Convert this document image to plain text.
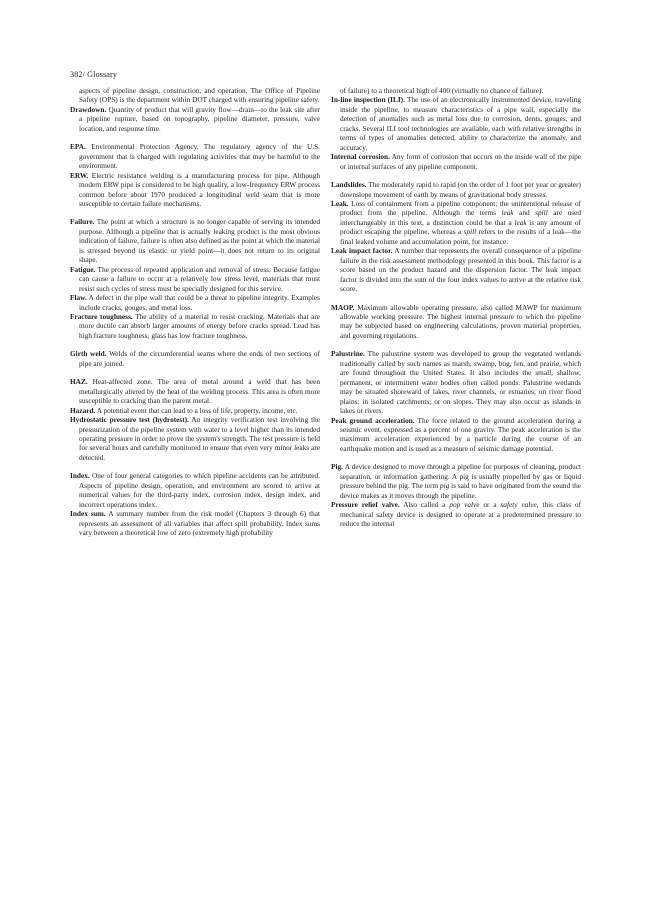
382/ Glossary

aspects of pipeline design, construction, and operation. The Office of Pipeline Safety (OPS) is the department within DOT charged with ensuring pipeline safety.

Drawdown. Quantity of product that will gravity flow—drain—to the leak site after a pipeline rupture, based on topography, pipeline diameter, pressure, valve location, and response time.

EPA. Environmental Protection Agency. The regulatory agency of the U.S. government that is charged with regulating activities that may be harmful to the environment.

ERW. Electric resistance welding is a manufacturing process for pipe. Although modern ERW pipe is considered to be high quality, a low-frequency ERW process common before about 1970 produced a longitudinal weld seam that is more susceptible to certain failure mechanisms.

Failure. The point at which a structure is no longer capable of serving its intended purpose. Although a pipeline that is actually leaking product is the most obvious indication of failure, failure is often also defined as the point at which the material is stressed beyond its elastic or yield point—it does not return to its original shape.

Fatigue. The process of repeated application and removal of stress. Because fatigue can cause a failure to occur at a relatively low stress level, materials that must resist such cycles of stress must be specially designed for this service.

Flaw. A defect in the pipe wall that could be a threat to pipeline integrity. Examples include cracks, gouges, and metal loss.

Fracture toughness. The ability of a material to resist cracking. Materials that are more ductile can absorb larger amounts of energy before cracks spread. Lead has high fracture toughness; glass has low fracture toughness.

Girth weld. Welds of the circumferential seams where the ends of two sections of pipe are joined.

HAZ. Heat-affected zone. The area of metal around a weld that has been metallurgically altered by the heat of the welding process. This area is often more susceptible to cracking than the parent metal.

Hazard. A potential event that can lead to a loss of life, property, income, etc.

Hydrostatic pressure test (hydrotest). An integrity verification test involving the pressurization of the pipeline system with water to a level higher than its intended operating pressure in order to prove the system's strength. The test pressure is held for several hours and carefully monitored to ensure that even very minor leaks are detected.

Index. One of four general categories to which pipeline accidents can be attributed. Aspects of pipeline design, operation, and environment are scored to arrive at numerical values for the third-party index, corrosion index, design index, and incorrect operations index.

Index sum. A summary number from the risk model (Chapters 3 through 6) that represents an assessment of all variables that affect spill probability. Index sums vary between a theoretical low of zero (extremely high probability

of failure) to a theoretical high of 400 (virtually no chance of failure).

In-line inspection (ILI). The use of an electronically instrumented device, traveling inside the pipeline, to measure characteristics of a pipe wall, especially the detection of anomalies such as metal loss due to corrosion, dents, gouges, and cracks. Several ILI tool technologies are available, each with relative strengths in terms of types of anomalies detected, ability to characterize the anomaly, and accuracy.

Internal corrosion. Any form of corrosion that occurs on the inside wall of the pipe or internal surfaces of any pipeline component.

Landslides. The moderately rapid to rapid (on the order of 1 foot per year or greater) downslope movement of earth by means of gravitational body stresses.

Leak. Loss of containment from a pipeline component; the unintentional release of product from the pipeline. Although the terms leak and spill are used interchangeably in this text, a distinction could be that a leak is any amount of product escaping the pipeline, whereas a spill refers to the results of a leak—the final leaked volume and accumulation point, for instance.

Leak impact factor. A number that represents the overall consequence of a pipeline failure in the risk assessment methodology presented in this book. This factor is a score based on the product hazard and the dispersion factor. The leak impact factor is divided into the sum of the four index values to arrive at the relative risk score.

MAOP. Maximum allowable operating pressure, also called MAWP for maximum allowable working pressure. The highest internal pressure to which the pipeline may be subjected based on engineering calculations, proven material properties, and governing regulations.

Palustrine. The palustrine system was developed to group the vegetated wetlands traditionally called by such names as marsh, swamp, bog, fen, and prairie, which are found throughout the United States. It also includes the small, shallow, permanent, or intermittent water bodies often called ponds. Palustrine wetlands may be situated shoreward of lakes, river channels, or estuaries; on river flood plains; in isolated catchments; or on slopes. They may also occur as islands in lakes or rivers.

Peak ground acceleration. The force related to the ground acceleration during a seismic event, expressed as a percent of one gravity. The peak acceleration is the maximum acceleration experienced by a particle during the course of an earthquake motion and is used as a measure of seismic damage potential.

Pig. A device designed to move through a pipeline for purposes of cleaning, product separation, or information gathering. A pig is usually propelled by gas or liquid pressure behind the pig. The term pig is said to have originated from the sound the device makes as it moves through the pipeline.

Pressure relief valve. Also called a pop valve or a safety valve, this class of mechanical safety device is designed to operate at a predetermined pressure to reduce the internal
